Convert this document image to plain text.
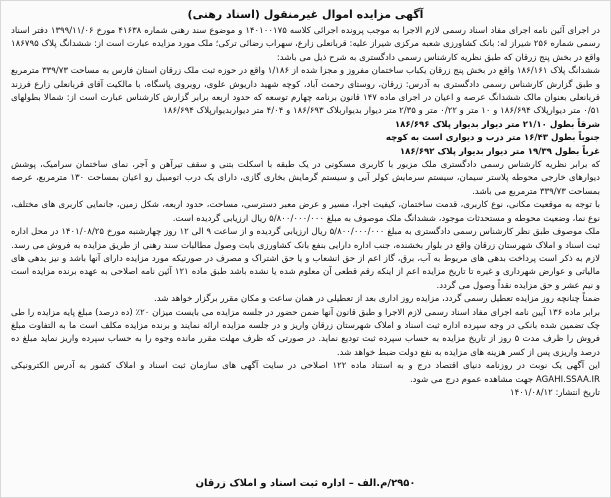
آگهی مزایده اموال غیرمنقول (اسناد رهنی)

در اجرای آئین نامه اجرای مفاد اسناد رسمی لازم الاجرا به موجب پرونده اجرائی کلاسه ۱۴۰۱۰۰۱۷۵ و موضوع سند رهنی شماره ۴۱۶۳۸ مورخ ۱۳۹۹/۱۱/۰۶ دفتر اسناد رسمی شماره ۲۵۶ شیراز له: بانک کشاورزی شعبه مرکزی شیراز علیه: قربانعلی زارع، سهراب رضائی ترکی؛ ملک مورد مزایده عبارت است از: ششدانگ پلاک ۱۸۶۷۹۵ واقع در بخش پنج زرقان که طبق نظریه کارشناس رسمی دادگستری به شرح ذیل می باشد:

ششدانگ پلاک ۱۸۶/۱۶۱ واقع در بخش پنج زرقان یکباب ساختمان مفروز و مجزا شده از ۱/۱۸۶ واقع در حوزه ثبت ملک زرقان استان فارس به مساحت ۳۳۹/۷۳ مترمربع و طبق گزارش کارشناس رسمی دادگستری به آدرس: زرقان، روستای رحمت آباد، کوچه شهید داریوش علوی، روبروی پاسگاه، با مالکیت آقای قربانعلی زارع فرزند قربانعلی بعنوان مالک ششدانگ عرصه و اعیان در اجرای ماده ۱۴۷ قانون برنامه چهارم توسعه که حدود اربعه برابر گزارش کارشناس عبارت است از: شمالا بطولهای ۰/۵۱ متر دیوارپلاک ۱۸۶/۶۹۴ و ۱۰ متر و ۰/۲۲ متر و ۲/۳۵ متر دیوار بدیواربلاک ۱۸۶/۶۹۳ و ۴/۰۴ متر دیواربدیوارپلاک ۱۸۶/۶۹۴

شرقاً بطول ۲۱/۱۰ متر دیوار بدیوار پلاک ۱۸۶/۶۹۶
جنوباً بطول ۱۶/۴۳ متر درب و دیواری است به کوچه
غرباً بطول ۱۹/۳۹ متر دیوار بدیوار پلاک ۱۸۶/۶۹۲

که برابر نظریه کارشناس رسمی دادگستری ملک مزبور با کاربری مسکونی در یک طبقه با اسکلت بتنی و سقف تیرآهن و آجر، نمای ساختمان سرامیک، پوشش دیوارهای خارجی محوطه پلاستر سیمان، سیستم سرمایش کولر آبی و سیستم گرمایش بخاری گازی، دارای یک درب اتومبیل رو اعیان بمساحت ۱۳۰ مترمربع، عرصه بمساحت ۳۳۹/۷۳ مترمربع می باشد.

با توجه به موقعیت مکانی، نوع کاربری، قدمت ساختمان، کیفیت اجرا، مسیر و عرض معبر دسترسی، مساحت، حدود اربعه، شکل زمین، جانمایی کاربری های مختلف، نوع نما، وضعیت محوطه و مستحدثات موجود، ششدانگ ملک موصوف به مبلغ ۵/۸۰۰/۰۰۰/۰۰۰ ریال ارزیابی گردیده است.

ملک موصوف طبق نظر کارشناس رسمی دادگستری به مبلغ ۵/۸۰۰/۰۰۰/۰۰۰ ریال ارزیابی گردیده و از ساعت ۹ الی ۱۲ روز چهارشنبه مورخ ۱۴۰۱/۰۸/۲۵ در محل اداره ثبت اسناد و املاک شهرستان زرقان واقع در بلوار بخشنده، جنب اداره دارایی بنفع بانک کشاورزی بابت وصول مطالبات سند رهنی از طریق مزایده به فروش می رسد. لازم به ذکر است پرداخت بدهی های مربوط به آب، برق، گاز اعم از حق انشعاب و یا حق اشتراک و مصرف در صورتیکه مورد مزایده دارای آنها باشد و نیز بدهی های مالیاتی و عوارض شهرداری و غیره تا تاریخ مزایده اعم از اینکه رقم قطعی آن معلوم شده یا نشده باشد طبق ماده ۱۲۱ آئین نامه اصلاحی به عهده برنده مزایده است و نیم عشر و حق مزایده نقداً وصول می گردد.

ضمناً چنانچه روز مزایده تعطیل رسمی گردد، مزایده روز اداری بعد از تعطیلی در همان ساعت و مکان مقرر برگزار خواهد شد.

برابر ماده ۱۳۶ آیین نامه اجرای مفاد اسناد رسمی لازم الاجرا و طبق قانون آنها ضمن حضور در جلسه مزایده می بایست میزان ۲۰٪ (ده درصد) مبلغ پایه مزایده را طی چک تضمین شده بانکی در وجه سپرده اداره ثبت اسناد و املاک شهرستان زرقان واریز و در جلسه مزایده ارائه نمایند و برنده مزایده مکلف است ما به التفاوت مبلغ فروش را ظرف مدت ۵ روز از تاریخ مزایده به حساب سپرده ثبت تودیع نماید. در صورتی که ظرف مهلت مقرر مانده وجوه را به حساب سپرده واریز نماید مبلغ ده درصد واریزی پس از کسر هزینه های مزایده به نفع دولت ضبط خواهد شد.

این آگهی یک نوبت در روزنامه دنیای اقتصاد درج و به استناد ماده ۱۲۲ اصلاحی در سایت آگهی های سازمان ثبت اسناد و املاک کشور به آدرس الکترونیکی AGAHI.SSAA.IR جهت مشاهده عموم درج می شود.

تاریخ انتشار: ۱۴۰۱/۰۸/۱۲
۲۹۵۰/م.الف – اداره ثبت اسناد و املاک زرقان
